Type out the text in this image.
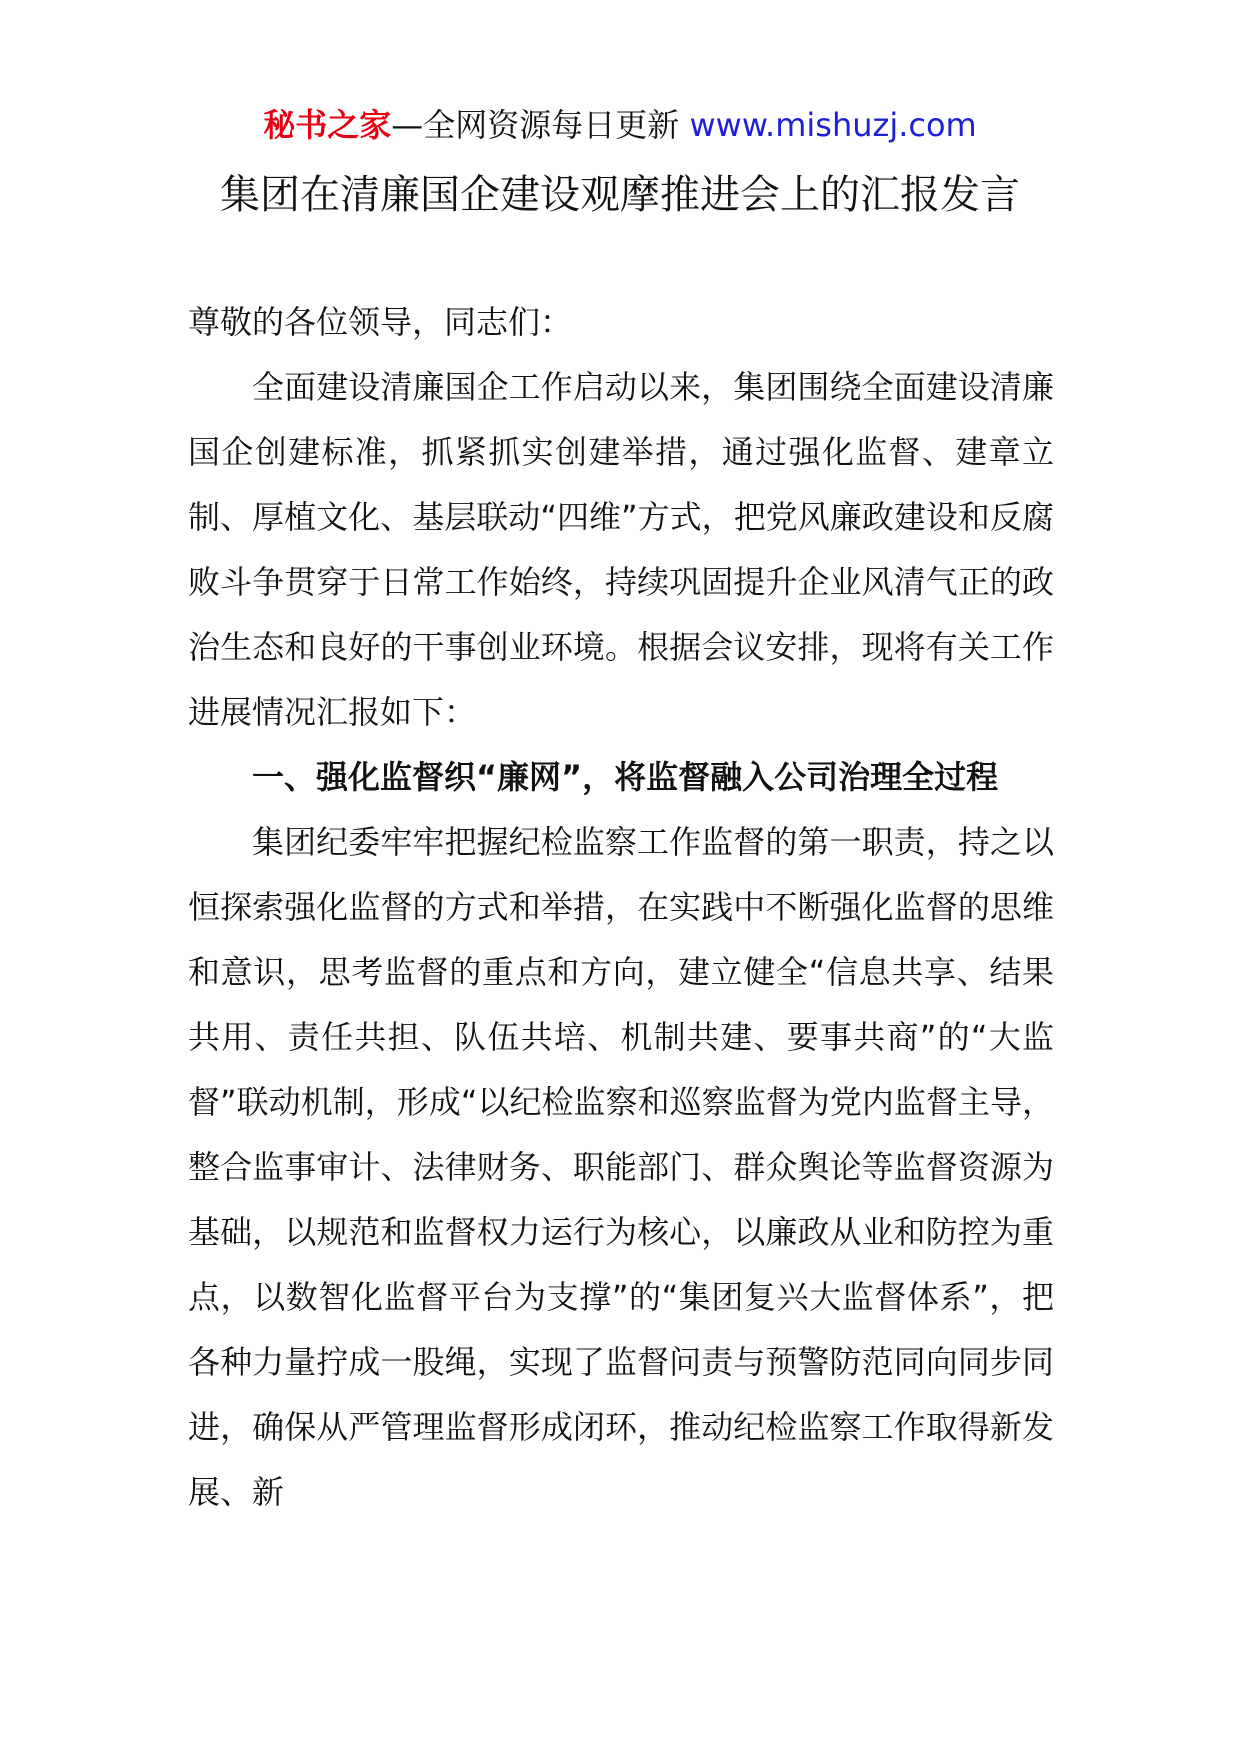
秘书之家—全网资源每日更新 www.mishuzj.com
集团在清廉国企建设观摩推进会上的汇报发言

尊敬的各位领导，同志们：

全面建设清廉国企工作启动以来，集团围绕全面建设清廉国企创建标准，抓紧抓实创建举措，通过强化监督、建章立制、厚植文化、基层联动“四维”方式，把党风廉政建设和反腐败斗争贯穿于日常工作始终，持续巩固提升企业风清气正的政治生态和良好的干事创业环境。根据会议安排，现将有关工作进展情况汇报如下：

一、强化监督织“廉网”，将监督融入公司治理全过程

集团纪委牢牢把握纪检监察工作监督的第一职责，持之以恒探索强化监督的方式和举措，在实践中不断强化监督的思维和意识，思考监督的重点和方向，建立健全“信息共享、结果共用、责任共担、队伍共培、机制共建、要事共商”的“大监督”联动机制，形成“以纪检监察和巡察监督为党内监督主导，整合监事审计、法律财务、职能部门、群众舆论等监督资源为基础，以规范和监督权力运行为核心，以廉政从业和防控为重点，以数智化监督平台为支撑”的“集团复兴大监督体系”，把各种力量拧成一股绳，实现了监督问责与预警防范同向同步同进，确保从严管理监督形成闭环，推动纪检监察工作取得新发展、新
